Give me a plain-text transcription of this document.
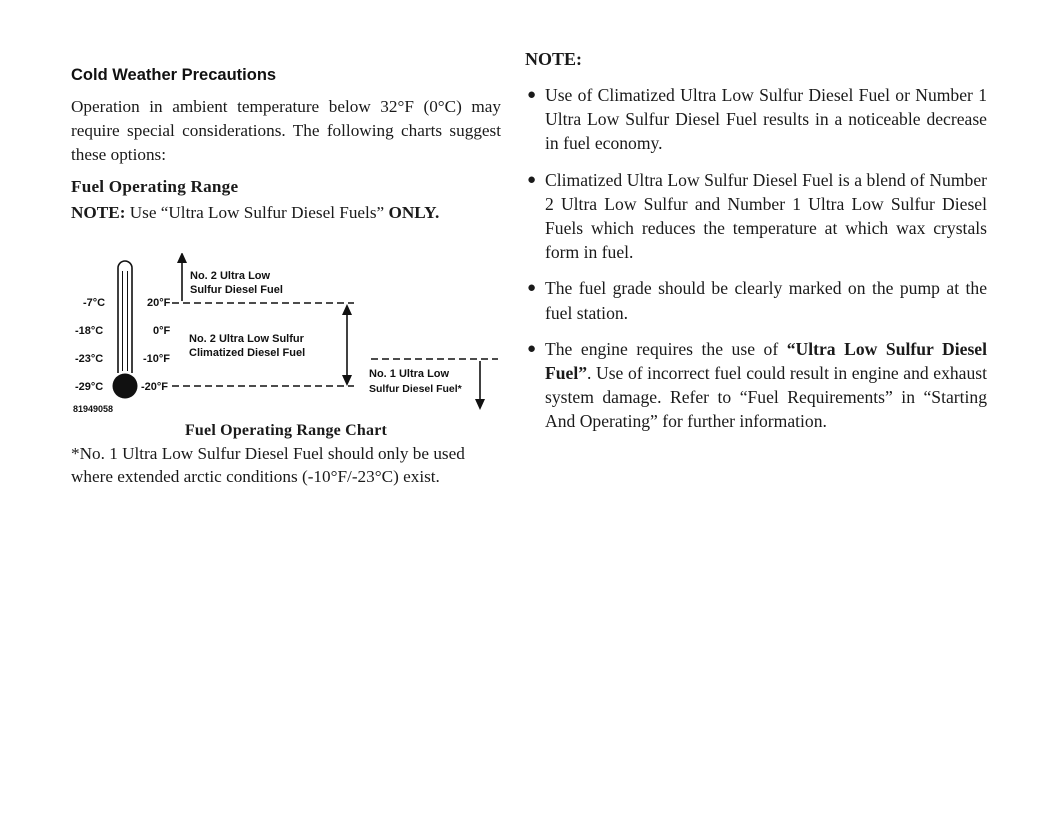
Cold Weather Precautions

Operation in ambient temperature below 32°F (0°C) may require special considerations. The following charts suggest these options:

Fuel Operating Range

NOTE: Use “Ultra Low Sulfur Diesel Fuels” ONLY.

-7°C
-18°C
-23°C
-29°C
20°F
0°F
-10°F
-20°F
No. 2 Ultra Low
Sulfur Diesel Fuel
No. 2 Ultra Low Sulfur
Climatized Diesel Fuel
No. 1 Ultra Low
Sulfur Diesel Fuel*
81949058
Fuel Operating Range Chart

*No. 1 Ultra Low Sulfur Diesel Fuel should only be used where extended arctic conditions (-10°F/-23°C) exist.

NOTE:
● Use of Climatized Ultra Low Sulfur Diesel Fuel or Number 1 Ultra Low Sulfur Diesel Fuel results in a noticeable decrease in fuel economy.
● Climatized Ultra Low Sulfur Diesel Fuel is a blend of Number 2 Ultra Low Sulfur and Number 1 Ultra Low Sulfur Diesel Fuels which reduces the temperature at which wax crystals form in fuel.
● The fuel grade should be clearly marked on the pump at the fuel station.
● The engine requires the use of “Ultra Low Sulfur Diesel Fuel”. Use of incorrect fuel could result in engine and exhaust system damage. Refer to “Fuel Requirements” in “Starting And Operating” for further information.
